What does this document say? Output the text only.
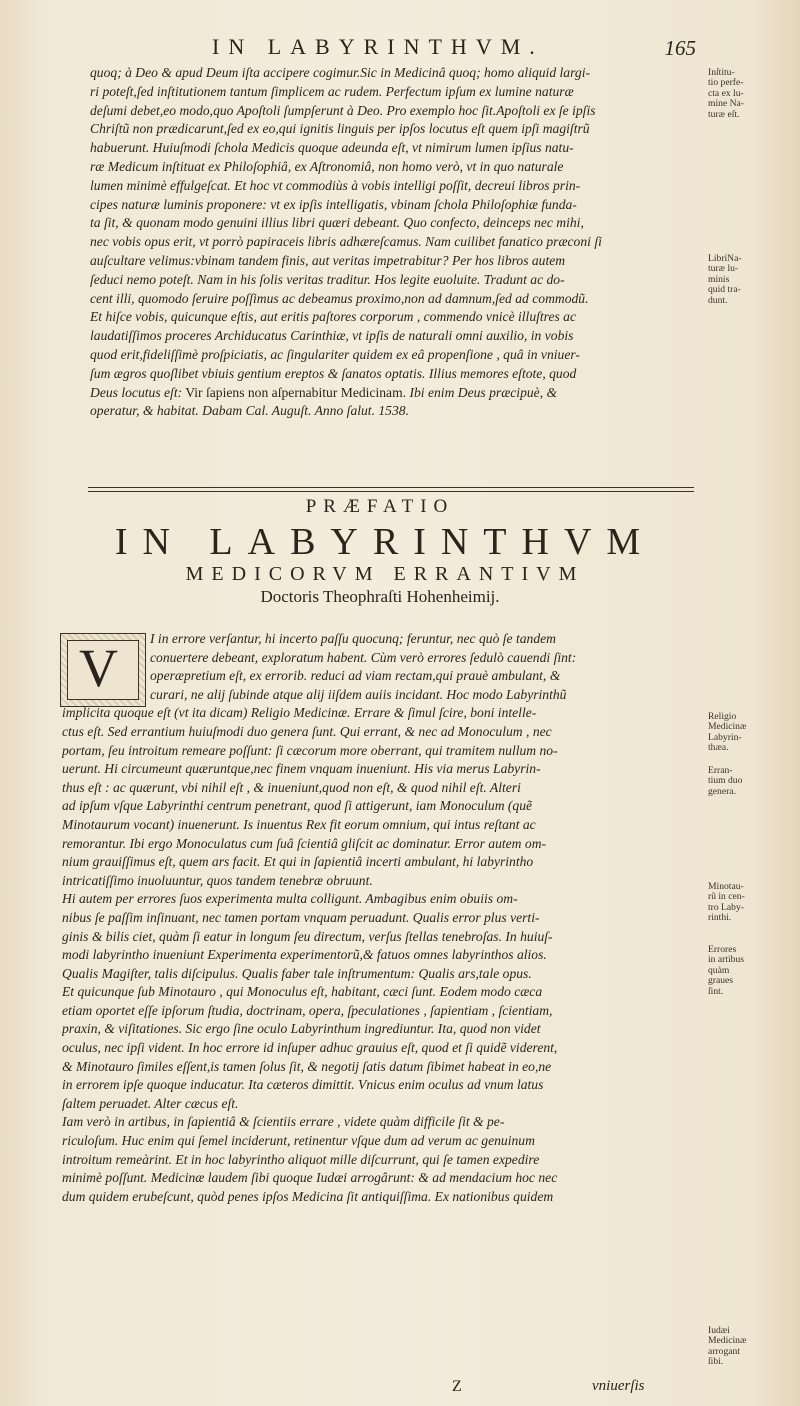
IN LABYRINTHVM.	165
quoq; à Deo & apud Deum iſta accipere cogimur.Sic in Medicinâ quoq; homo aliquid largi-
ri poteſt,ſed inſtitutionem tantum ſimplicem ac rudem. Perfectum ipſum ex lumine naturæ
deſumi debet,eo modo,quo Apoſtoli ſumpſerunt à Deo. Pro exemplo hoc ſit.Apoſtoli ex ſe ipſis
Chriſtũ non prædicarunt,ſed ex eo,qui ignitis linguis per ipſos locutus eſt quem ipſi magiſtrũ
habuerunt. Huiuſmodi ſchola Medicis quoque adeunda eſt, vt nimirum lumen ipſius natu-
ræ Medicum inſtituat ex Philoſophiâ, ex Aſtronomiâ, non homo verò, vt in quo naturale
lumen minimè effulgeſcat. Et hoc vt commodiùs à vobis intelligi poſſit, decreui libros prin-
cipes naturæ luminis proponere: vt ex ipſis intelligatis, vbinam ſchola Philoſophiæ funda-
ta ſit, & quonam modo genuini illius libri quæri debeant. Quo confecto, deinceps nec mihi,
nec vobis opus erit, vt porrò papiraceis libris adhæreſcamus. Nam cuilibet fanatico præconi ſi
auſcultare velimus:vbinam tandem finis, aut veritas impetrabitur? Per hos libros autem
ſeduci nemo poteſt. Nam in his ſolis veritas traditur. Hos legite euoluite. Tradunt ac do-
cent illi, quomodo ſeruire poſſimus ac debeamus proximo,non ad damnum,ſed ad commodũ.
Et hiſce vobis, quicunque eſtis, aut eritis paſtores corporum , commendo vnicè illuſtres ac
laudatiſſimos proceres Archiducatus Carinthiæ, vt ipſis de naturali omni auxilio, in vobis
quod erit,fideliſſimè proſpiciatis, ac ſingulariter quidem ex eâ propenſione , quâ in vniuer-
ſum ægros quoſlibet vbiuis gentium ereptos & ſanatos optatis. Illius memores eſtote, quod
Deus locutus eſt: Vir ſapiens non aſpernabitur Medicinam. Ibi enim Deus præcipuè, &
operatur, & habitat. Dabam Cal. Auguſt. Anno ſalut. 1538.
PRÆFATIO
IN LABYRINTHVM
MEDICORVM ERRANTIVM
Doctoris Theophraſti Hohenheimij.
V	I in errore verſantur, hi incerto paſſu quocunq; feruntur, nec quò ſe tandem
conuertere debeant, exploratum habent. Cùm verò errores ſedulò cauendi ſint:
operæpretium eſt, ex errorib. reduci ad viam rectam,qui prauè ambulant, &
curari, ne alij ſubinde atque alij iiſdem auiis incidant. Hoc modo Labyrinthũ
implicita quoque eſt (vt ita dicam) Religio Medicinæ. Errare & ſimul ſcire, boni intelle-
ctus eſt. Sed errantium huiuſmodi duo genera ſunt. Qui errant, & nec ad Monoculum , nec
portam, ſeu introitum remeare poſſunt: ſi cæcorum more oberrant, qui tramitem nullum no-
uerunt. Hi circumeunt quæruntque,nec finem vnquam inueniunt. His via merus Labyrin-
thus eſt : ac quærunt, vbi nihil eſt , & inueniunt,quod non eſt, & quod nihil eſt. Alteri
ad ipſum vſque Labyrinthi centrum penetrant, quod ſi attigerunt, iam Monoculum (quẽ
Minotaurum vocant) inuenerunt. Is inuentus Rex fit eorum omnium, qui intus reſtant ac
remorantur. Ibi ergo Monoculatus cum ſuâ ſcientiâ gliſcit ac dominatur. Error autem om-
nium grauiſſimus eſt, quem ars facit. Et qui in ſapientiâ incerti ambulant, hi labyrintho
intricatiſſimo inuoluuntur, quos tandem tenebræ obruunt.
Hi autem per errores ſuos experimenta multa colligunt. Ambagibus enim obuiis om-
nibus ſe paſſim inſinuant, nec tamen portam vnquam peruadunt. Qualis error plus verti-
ginis & bilis ciet, quàm ſi eatur in longum ſeu directum, verſus ſtellas tenebroſas. In huiuſ-
modi labyrintho inueniunt Experimenta experimentorũ,& fatuos omnes labyrinthos alios.
Qualis Magiſter, talis diſcipulus. Qualis faber tale inſtrumentum: Qualis ars,tale opus.
Et quicunque ſub Minotauro , qui Monoculus eſt, habitant, cæci ſunt. Eodem modo cæca
etiam oportet eſſe ipſorum ſtudia, doctrinam, opera, ſpeculationes , ſapientiam , ſcientiam,
praxin, & viſitationes. Sic ergo ſine oculo Labyrinthum ingrediuntur. Ita, quod non videt
oculus, nec ipſi vident. In hoc errore id inſuper adhuc grauius eſt, quod et ſi quidẽ viderent,
& Minotauro ſimiles eſſent,is tamen ſolus ſit, & negotij ſatis datum ſibimet habeat in eo,ne
in errorem ipſe quoque inducatur. Ita cæteros dimittit. Vnicus enim oculus ad vnum latus
ſaltem peruadet. Alter cæcus eſt.
Iam verò in artibus, in ſapientiâ & ſcientiis errare , videte quàm difficile ſit & pe-
riculoſum. Huc enim qui ſemel inciderunt, retinentur vſque dum ad verum ac genuinum
introitum remeàrint. Et in hoc labyrintho aliquot mille diſcurrunt, qui ſe tamen expedire
minimè poſſunt. Medicinæ laudem ſibi quoque Iudæi arrogârunt: & ad mendacium hoc nec
dum quidem erubeſcunt, quòd penes ipſos Medicina ſit antiquiſſima. Ex nationibus quidem
Inſtitu-
tio perfe-
cta ex lu-
mine Na-
turæ eſt.
LibriNa-
turæ lu-
minis
quid tra-
dunt.
Religio
Medicinæ
Labyrin-
thæa.
Erran-
tium duo
genera.
Minotau-
rũ in cen-
tro Laby-
rinthi.
Errores
in artibus
quàm
graues
ſint.
Iudæi
Medicinæ
arrogant
ſibi.
Z	vniuerſis
